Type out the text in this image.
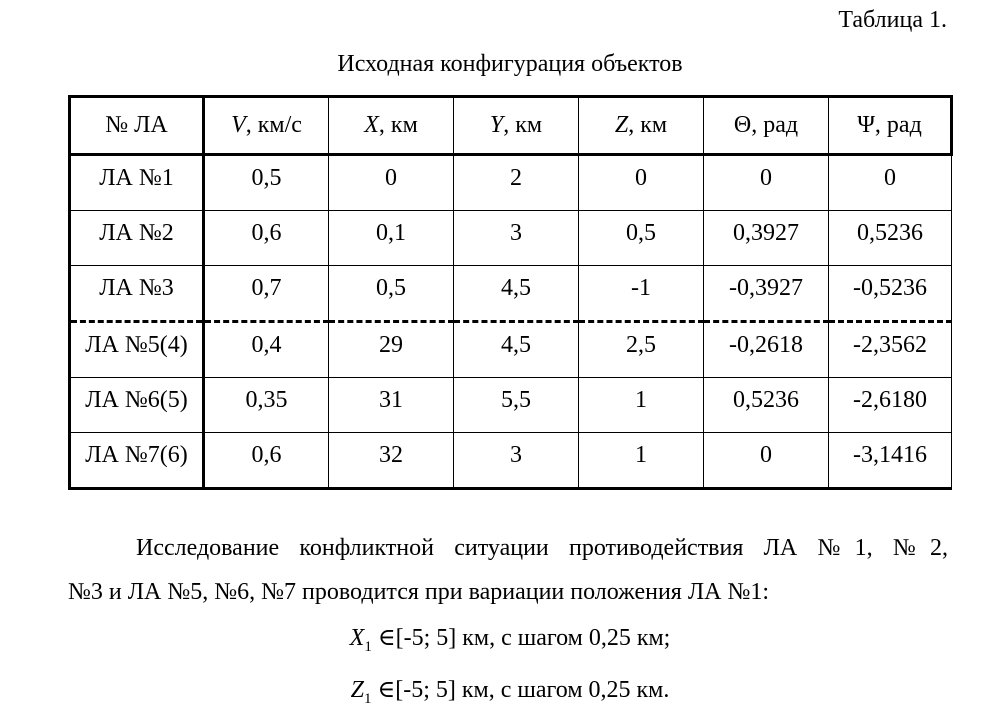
Таблица 1.
Исходная конфигурация объектов
№ ЛА	V, км/с	X, км	Y, км	Z, км	Θ, рад	Ψ, рад

ЛА №1	0,5	0	2	0	0	0

ЛА №2	0,6	0,1	3	0,5	0,3927	0,5236

ЛА №3	0,7	0,5	4,5	-1	-0,3927	-0,5236

ЛА №5(4)	0,4	29	4,5	2,5	-0,2618	-2,3562

ЛА №6(5)	0,35	31	5,5	1	0,5236	-2,6180

ЛА №7(6)	0,6	32	3	1	0	-3,1416
Исследование конфликтной ситуации противодействия ЛА №1, №2,
№3 и ЛА №5, №6, №7 проводится при вариации положения ЛА №1:
$X_1$ ∈[-5; 5] км, с шагом 0,25 км;
$Z_1$ ∈[-5; 5] км, с шагом 0,25 км.
